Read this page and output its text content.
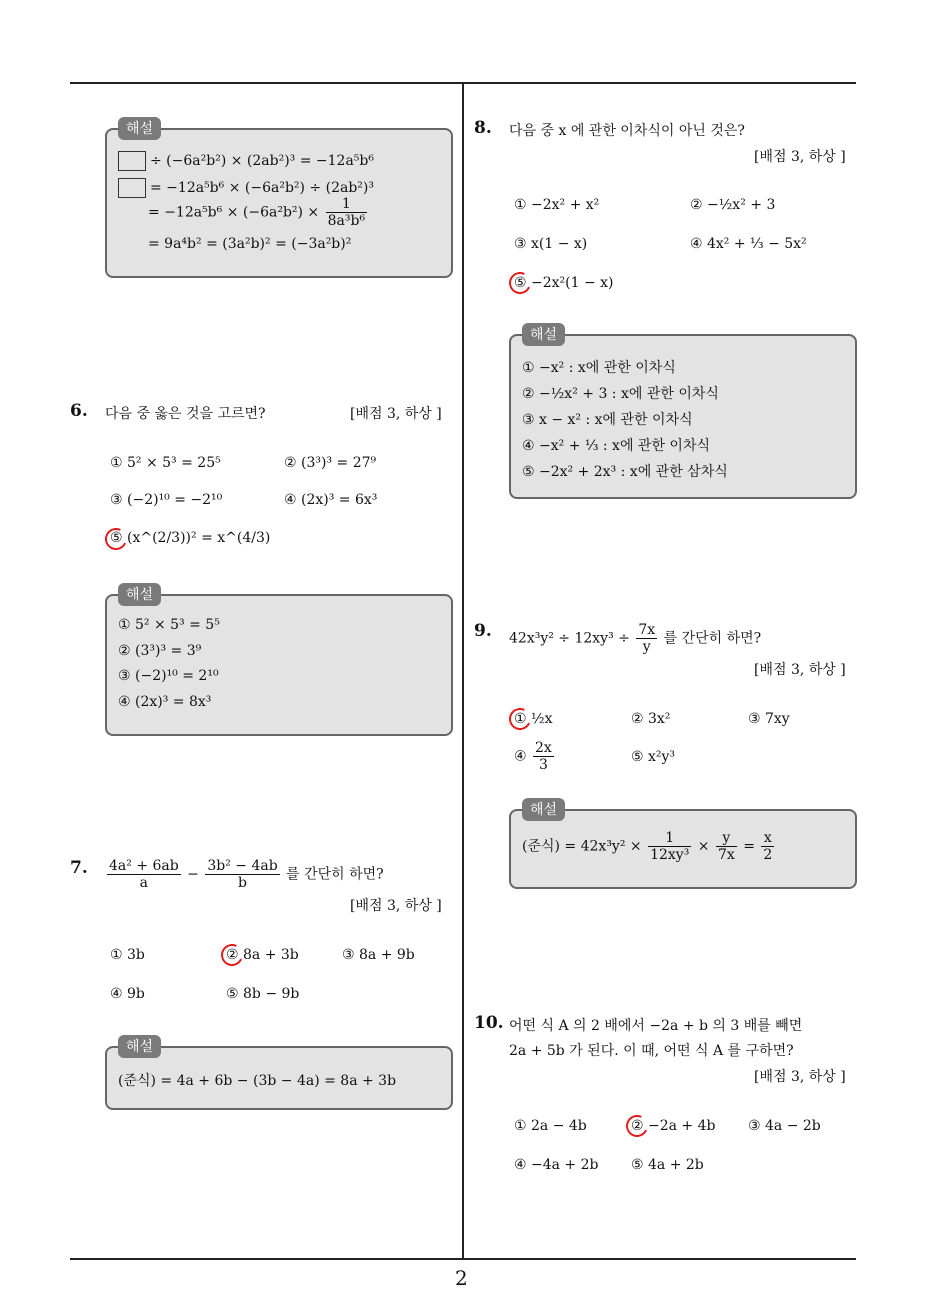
2
해설
÷ (−6a²b²) × (2ab²)³ = −12a⁵b⁶
= −12a⁵b⁶ × (−6a²b²) ÷ (2ab²)³
= $-12a^5b^6 \times (-6a^2b^2) \times \frac{1}{\text{8a³b⁶}}$
= 9a⁴b² = (3a²b)² = (−3a²b)²
6. 다음 중 옳은 것을 고르면?	[배점 3, 하상 ]
① 5² × 5³ = 25⁵	② (3³)³ = 27⁹
③ (−2)¹⁰ = −2¹⁰	④ (2x)³ = 6x³
⑤ (x^(2/3))² = x^(4/3)
해설
① 5² × 5³ = 5⁵
② (3³)³ = 3⁹
③ (−2)¹⁰ = 2¹⁰
④ (2x)³ = 8x³
7. $\frac{\text{4a² + 6ab}}{a} - \frac{\text{3b² − 4ab}}{b}$ 를 간단히 하면?
[배점 3, 하상 ]
① 3b	② 8a + 3b	③ 8a + 9b
④ 9b	⑤ 8b − 9b
해설
(준식) = 4a + 6b − (3b − 4a) = 8a + 3b
8. 다음 중 x 에 관한 이차식이 아닌 것은?
[배점 3, 하상 ]
① −2x² + x²	② −½x² + 3
③ x(1 − x)	④ 4x² + ⅓ − 5x²
⑤ −2x²(1 − x)
해설
① −x² : x에 관한 이차식
② −½x² + 3 : x에 관한 이차식
③ x − x² : x에 관한 이차식
④ −x² + ⅓ : x에 관한 이차식
⑤ −2x² + 2x³ : x에 관한 삼차식
9. $42x^3y^2 \div 12xy^3 \div \frac{7x}{y}$ 를 간단히 하면?
[배점 3, 하상 ]
① ½x	② 3x²	③ 7xy
④ $\frac{2x}{3}$	⑤ x²y³
해설
(준식) = $42x^3y^2 \times \frac{1}{\text{12xy³}} \times \frac{y}{7x} = \frac{x}{2}$
10. 어떤 식 A 의 2 배에서 −2a + b 의 3 배를 빼면
2a + 5b 가 된다. 이 때, 어떤 식 A 를 구하면?
[배점 3, 하상 ]
① 2a − 4b	② −2a + 4b ③ 4a − 2b
④ −4a + 2b ⑤ 4a + 2b
